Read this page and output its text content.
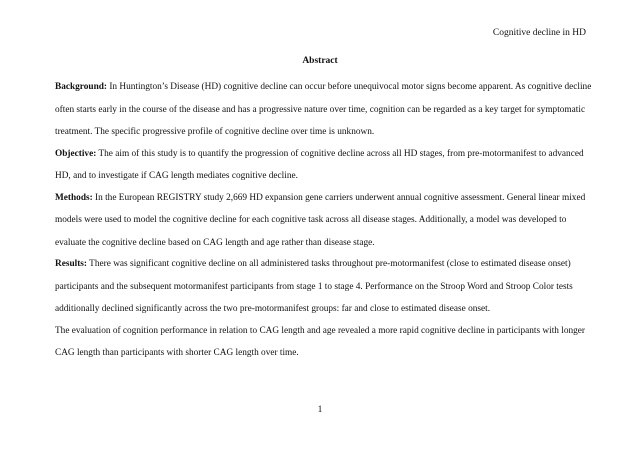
Cognitive decline in HD
Abstract
Background: In Huntington’s Disease (HD) cognitive decline can occur before unequivocal motor signs become apparent. As cognitive decline
often starts early in the course of the disease and has a progressive nature over time, cognition can be regarded as a key target for symptomatic
treatment. The specific progressive profile of cognitive decline over time is unknown.
Objective: The aim of this study is to quantify the progression of cognitive decline across all HD stages, from pre-motormanifest to advanced
HD, and to investigate if CAG length mediates cognitive decline.
Methods: In the European REGISTRY study 2,669 HD expansion gene carriers underwent annual cognitive assessment. General linear mixed
models were used to model the cognitive decline for each cognitive task across all disease stages. Additionally, a model was developed to
evaluate the cognitive decline based on CAG length and age rather than disease stage.
Results: There was significant cognitive decline on all administered tasks throughout pre-motormanifest (close to estimated disease onset)
participants and the subsequent motormanifest participants from stage 1 to stage 4. Performance on the Stroop Word and Stroop Color tests
additionally declined significantly across the two pre-motormanifest groups: far and close to estimated disease onset.
The evaluation of cognition performance in relation to CAG length and age revealed a more rapid cognitive decline in participants with longer
CAG length than participants with shorter CAG length over time.
1
